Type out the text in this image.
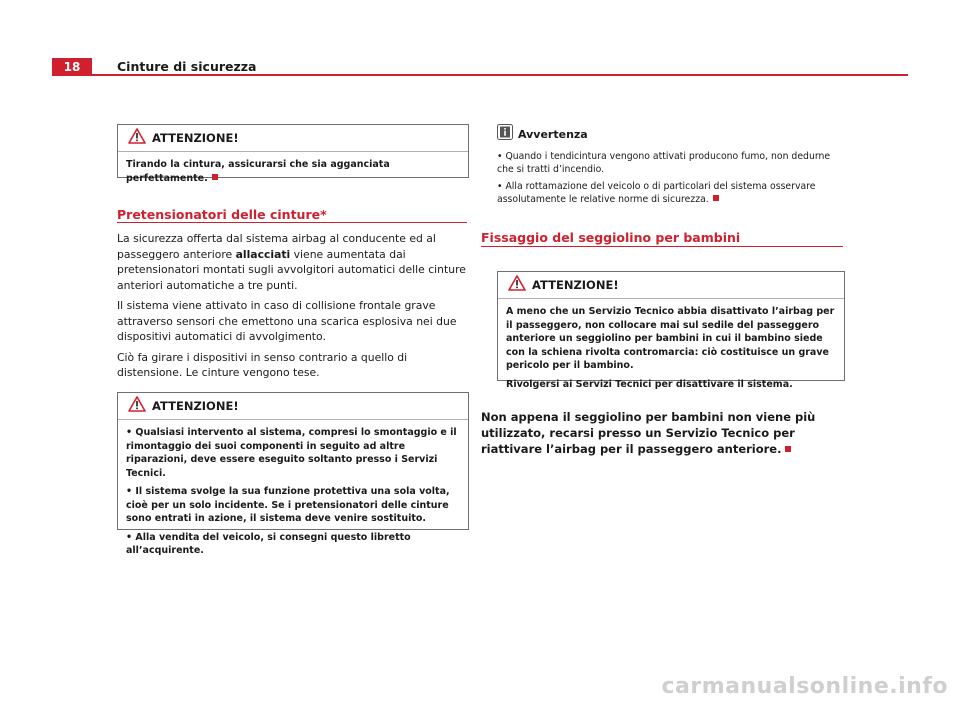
18	Cinture di sicurezza
ATTENZIONE!

Tirando la cintura, assicurarsi che sia agganciata perfettamente.

Pretensionatori delle cinture*

La sicurezza offerta dal sistema airbag al conducente ed al passeggero anteriore allacciati viene aumentata dai pretensionatori montati sugli avvolgitori automatici delle cinture anteriori automatiche a tre punti.

Il sistema viene attivato in caso di collisione frontale grave attraverso sensori che emettono una scarica esplosiva nei due dispositivi automatici di avvolgimento.

Ciò fa girare i dispositivi in senso contrario a quello di distensione. Le cinture vengono tese.

ATTENZIONE!

• Qualsiasi intervento al sistema, compresi lo smontaggio e il rimontaggio dei suoi componenti in seguito ad altre riparazioni, deve essere eseguito soltanto presso i Servizi Tecnici.

• Il sistema svolge la sua funzione protettiva una sola volta, cioè per un solo incidente. Se i pretensionatori delle cinture sono entrati in azione, il sistema deve venire sostituito.

• Alla vendita del veicolo, si consegni questo libretto all’acquirente.

Avvertenza

• Quando i tendicintura vengono attivati producono fumo, non dedurne che si tratti d’incendio.

• Alla rottamazione del veicolo o di particolari del sistema osservare assolutamente le relative norme di sicurezza.

Fissaggio del seggiolino per bambini
ATTENZIONE!

A meno che un Servizio Tecnico abbia disattivato l’airbag per il passeggero, non collocare mai sul sedile del passeggero anteriore un seggiolino per bambini in cui il bambino siede con la schiena rivolta contromarcia: ciò costituisce un grave pericolo per il bambino.

Rivolgersi ai Servizi Tecnici per disattivare il sistema.

Non appena il seggiolino per bambini non viene più utilizzato, recarsi presso un Servizio Tecnico per riattivare l’airbag per il passeggero anteriore.
carmanualsonline.info
